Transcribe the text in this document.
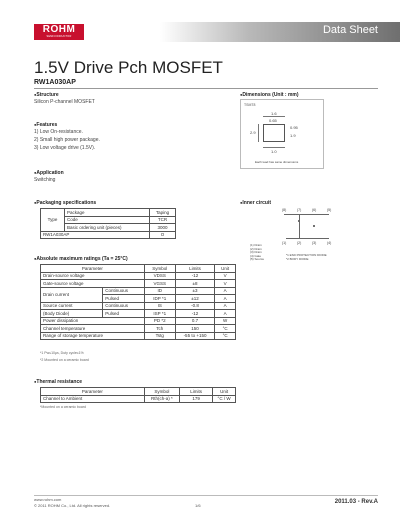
ROHM
SEMICONDUCTOR
Data Sheet
1.5V Drive Pch MOSFET
RW1A030AP
● Structure
Silicon P-channel MOSFET
● Dimensions (Unit : mm)
TSMT8
1.6
0.65
2.9
0.95
1.9
1.0
Each lead has same dimensions
● Features
1) Low On-resistance.
2) Small high power package.
3) Low voltage drive (1.5V).
● Application
Switching
● Packaging specifications
Type	Package	Taping
	Code	TCR
	Basic ordering unit (pieces)	3000
RW1A030AP		O
● Inner circuit
(8)	(7)	(6)	(5)
(1)	(2)	(3)	(4)
(1) Drain
(2) Drain
(3) Drain
(4) Gate
(5) Source
*1 ESD PROTECTION DIODE
*2 BODY DIODE
● Absolute maximum ratings (Ta = 25°C)
Parameter		Symbol	Limits	Unit
Drain-source voltage		VDSS	-12	V
Gate-source voltage		VGSS	±8	V
Drain current	Continuous	ID	±3	A
	Pulsed	IDP *1	±12	A
Source current	Continuous	IS	-0.8	A
(Body Diode)	Pulsed	ISP *1	-12	A
Power dissipation		PD *2	0.7	W
Channel temperature		Tch	150	°C
Range of storage temperature		Tstg	-55 to +150	°C
*1 Pw≤10μs, Duty cycle≤1%
*2 Mounted on a ceramic board
● Thermal resistance
Parameter	Symbol	Limits	Unit
Channel to Ambient	Rth(ch-a) *	179	°C / W
*Mounted on a ceramic board
www.rohm.com
© 2011 ROHM Co., Ltd. All rights reserved.	1/6
2011.03 - Rev.A
